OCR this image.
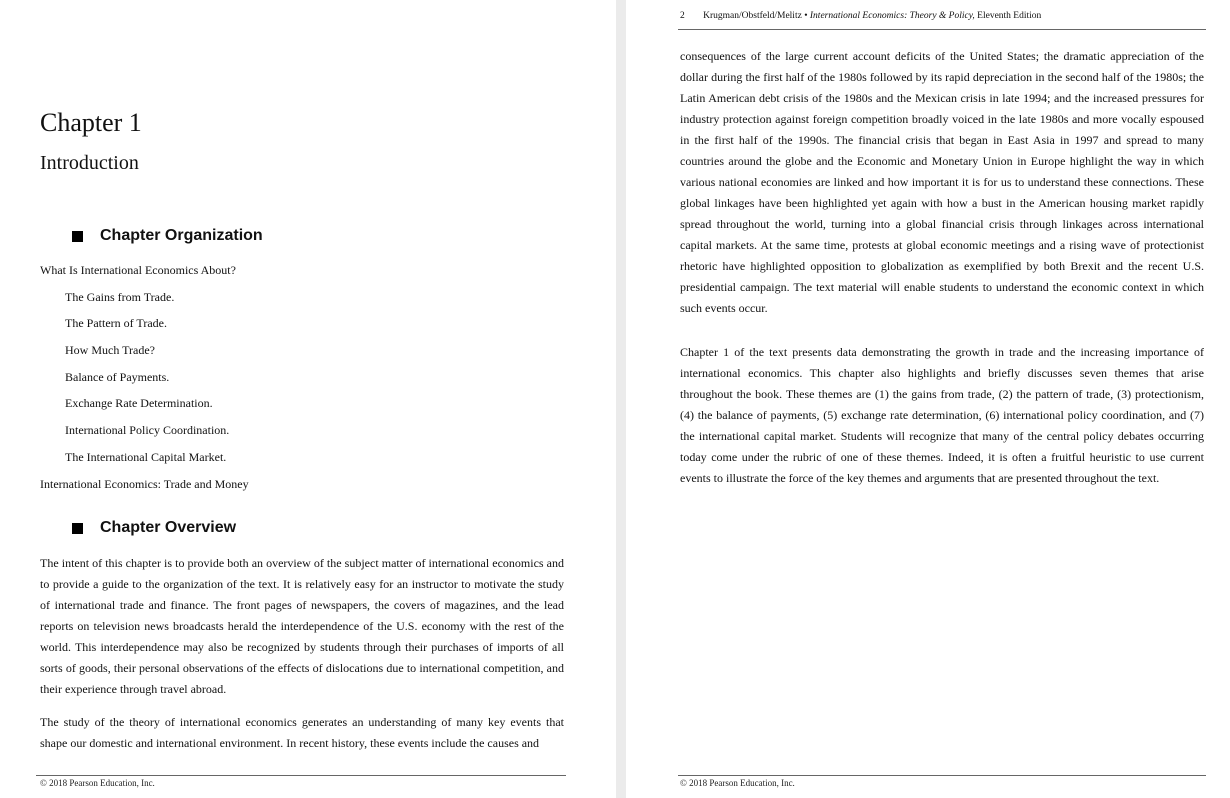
Chapter 1
Introduction
Chapter Organization
What Is International Economics About?
The Gains from Trade.
The Pattern of Trade.
How Much Trade?
Balance of Payments.
Exchange Rate Determination.
International Policy Coordination.
The International Capital Market.
International Economics: Trade and Money
Chapter Overview

The intent of this chapter is to provide both an overview of the subject matter of international economics and to provide a guide to the organization of the text. It is relatively easy for an instructor to motivate the study of international trade and finance. The front pages of newspapers, the covers of magazines, and the lead reports on television news broadcasts herald the interdependence of the U.S. economy with the rest of the world. This interdependence may also be recognized by students through their purchases of imports of all sorts of goods, their personal observations of the effects of dislocations due to international competition, and their experience through travel abroad.

The study of the theory of international economics generates an understanding of many key events that shape our domestic and international environment. In recent history, these events include the causes and

© 2018 Pearson Education, Inc.
2 Krugman/Obstfeld/Melitz • International Economics: Theory & Policy, Eleventh Edition

consequences of the large current account deficits of the United States; the dramatic appreciation of the dollar during the first half of the 1980s followed by its rapid depreciation in the second half of the 1980s; the Latin American debt crisis of the 1980s and the Mexican crisis in late 1994; and the increased pressures for industry protection against foreign competition broadly voiced in the late 1980s and more vocally espoused in the first half of the 1990s. The financial crisis that began in East Asia in 1997 and spread to many countries around the globe and the Economic and Monetary Union in Europe highlight the way in which various national economies are linked and how important it is for us to understand these connections. These global linkages have been highlighted yet again with how a bust in the American housing market rapidly spread throughout the world, turning into a global financial crisis through linkages across international capital markets. At the same time, protests at global economic meetings and a rising wave of protectionist rhetoric have highlighted opposition to globalization as exemplified by both Brexit and the recent U.S. presidential campaign. The text material will enable students to understand the economic context in which such events occur.

Chapter 1 of the text presents data demonstrating the growth in trade and the increasing importance of international economics. This chapter also highlights and briefly discusses seven themes that arise throughout the book. These themes are (1) the gains from trade, (2) the pattern of trade, (3) protectionism, (4) the balance of payments, (5) exchange rate determination, (6) international policy coordination, and (7) the international capital market. Students will recognize that many of the central policy debates occurring today come under the rubric of one of these themes. Indeed, it is often a fruitful heuristic to use current events to illustrate the force of the key themes and arguments that are presented throughout the text.

© 2018 Pearson Education, Inc.
